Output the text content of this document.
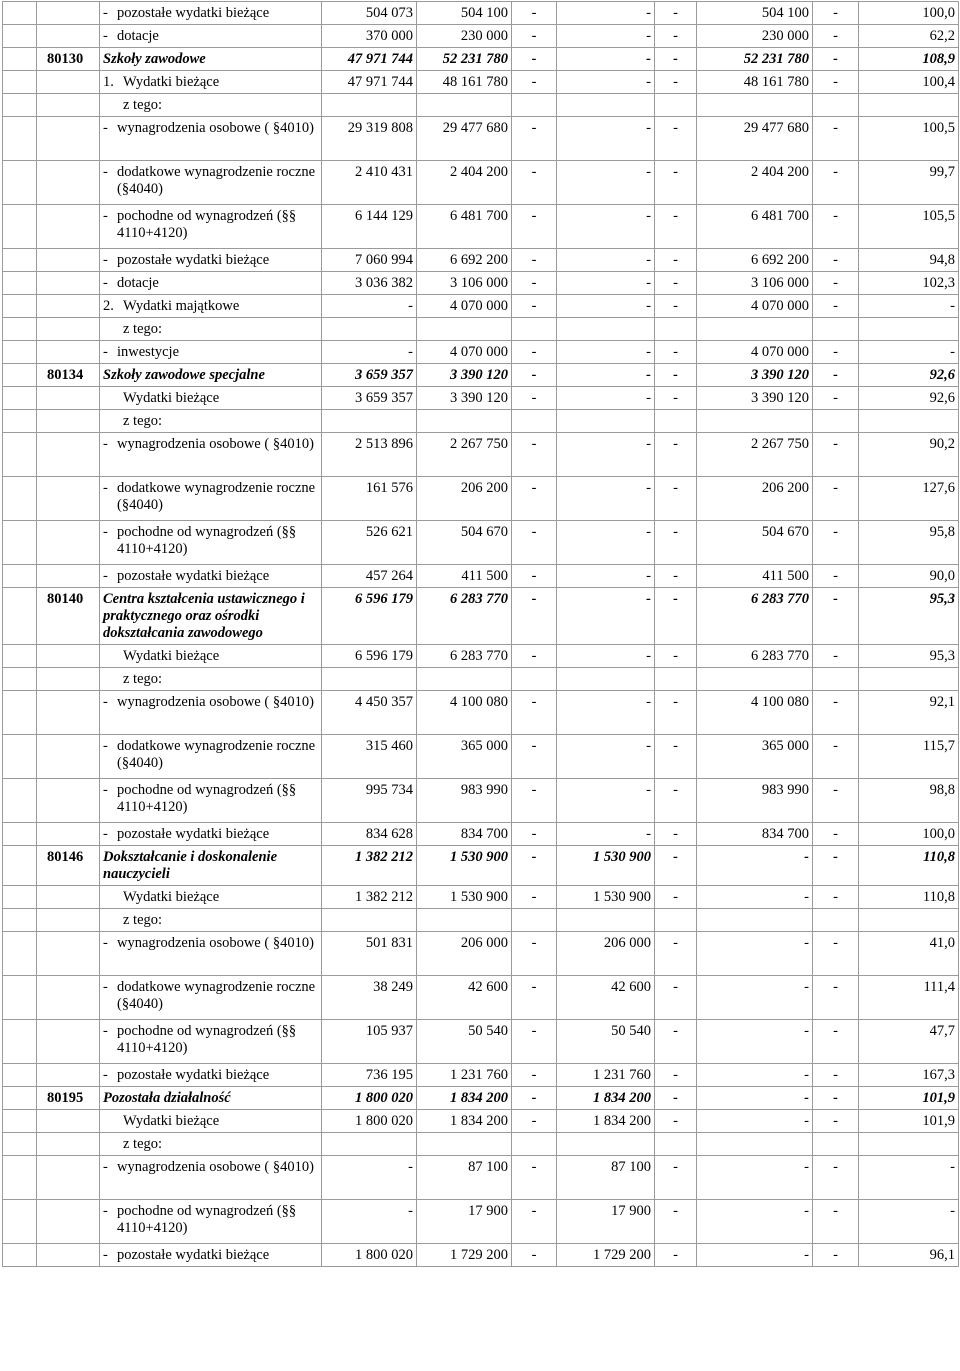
		- pozostałe wydatki bieżące	504 073	504 100	-	-	-	504 100	-	100,0

		- dotacje	370 000	230 000	-	-	-	230 000	-	62,2
	80130	Szkoły zawodowe	47 971 744	52 231 780	-	-	-	52 231 780	-	108,9
		1. Wydatki bieżące	47 971 744	48 161 780	-	-	-	48 161 780	-	100,4
		z tego:								

		- wynagrodzenia osobowe ( §4010)	29 319 808	29 477 680	-	-	-	29 477 680	-	100,5

		- dodatkowe wynagrodzenie roczne (§4040)	2 410 431	2 404 200	-	-	-	2 404 200	-	99,7

		- pochodne od wynagrodzeń (§§ 4110+4120)	6 144 129	6 481 700	-	-	-	6 481 700	-	105,5

		- pozostałe wydatki bieżące	7 060 994	6 692 200	-	-	-	6 692 200	-	94,8

		- dotacje	3 036 382	3 106 000	-	-	-	3 106 000	-	102,3
		2. Wydatki majątkowe	-	4 070 000	-	-	-	4 070 000	-	-
		z tego:								

		- inwestycje	-	4 070 000	-	-	-	4 070 000	-	-
	80134	Szkoły zawodowe specjalne	3 659 357	3 390 120	-	-	-	3 390 120	-	92,6
		Wydatki bieżące	3 659 357	3 390 120	-	-	-	3 390 120	-	92,6
		z tego:								

		- wynagrodzenia osobowe ( §4010)	2 513 896	2 267 750	-	-	-	2 267 750	-	90,2

		- dodatkowe wynagrodzenie roczne (§4040)	161 576	206 200	-	-	-	206 200	-	127,6

		- pochodne od wynagrodzeń (§§ 4110+4120)	526 621	504 670	-	-	-	504 670	-	95,8

		- pozostałe wydatki bieżące	457 264	411 500	-	-	-	411 500	-	90,0
	80140	Centra kształcenia ustawicznego i praktycznego oraz ośrodki dokształcania zawodowego	6 596 179	6 283 770	-	-	-	6 283 770	-	95,3
		Wydatki bieżące	6 596 179	6 283 770	-	-	-	6 283 770	-	95,3
		z tego:								

		- wynagrodzenia osobowe ( §4010)	4 450 357	4 100 080	-	-	-	4 100 080	-	92,1

		- dodatkowe wynagrodzenie roczne (§4040)	315 460	365 000	-	-	-	365 000	-	115,7

		- pochodne od wynagrodzeń (§§ 4110+4120)	995 734	983 990	-	-	-	983 990	-	98,8

		- pozostałe wydatki bieżące	834 628	834 700	-	-	-	834 700	-	100,0
	80146	Dokształcanie i doskonalenie nauczycieli	1 382 212	1 530 900	-	1 530 900	-	-	-	110,8
		Wydatki bieżące	1 382 212	1 530 900	-	1 530 900	-	-	-	110,8
		z tego:								

		- wynagrodzenia osobowe ( §4010)	501 831	206 000	-	206 000	-	-	-	41,0

		- dodatkowe wynagrodzenie roczne (§4040)	38 249	42 600	-	42 600	-	-	-	111,4

		- pochodne od wynagrodzeń (§§ 4110+4120)	105 937	50 540	-	50 540	-	-	-	47,7

		- pozostałe wydatki bieżące	736 195	1 231 760	-	1 231 760	-	-	-	167,3
	80195	Pozostała działalność	1 800 020	1 834 200	-	1 834 200	-	-	-	101,9
		Wydatki bieżące	1 800 020	1 834 200	-	1 834 200	-	-	-	101,9
		z tego:								

		- wynagrodzenia osobowe ( §4010)	-	87 100	-	87 100	-	-	-	-

		- pochodne od wynagrodzeń (§§ 4110+4120)	-	17 900	-	17 900	-	-	-	-

		- pozostałe wydatki bieżące	1 800 020	1 729 200	-	1 729 200	-	-	-	96,1
